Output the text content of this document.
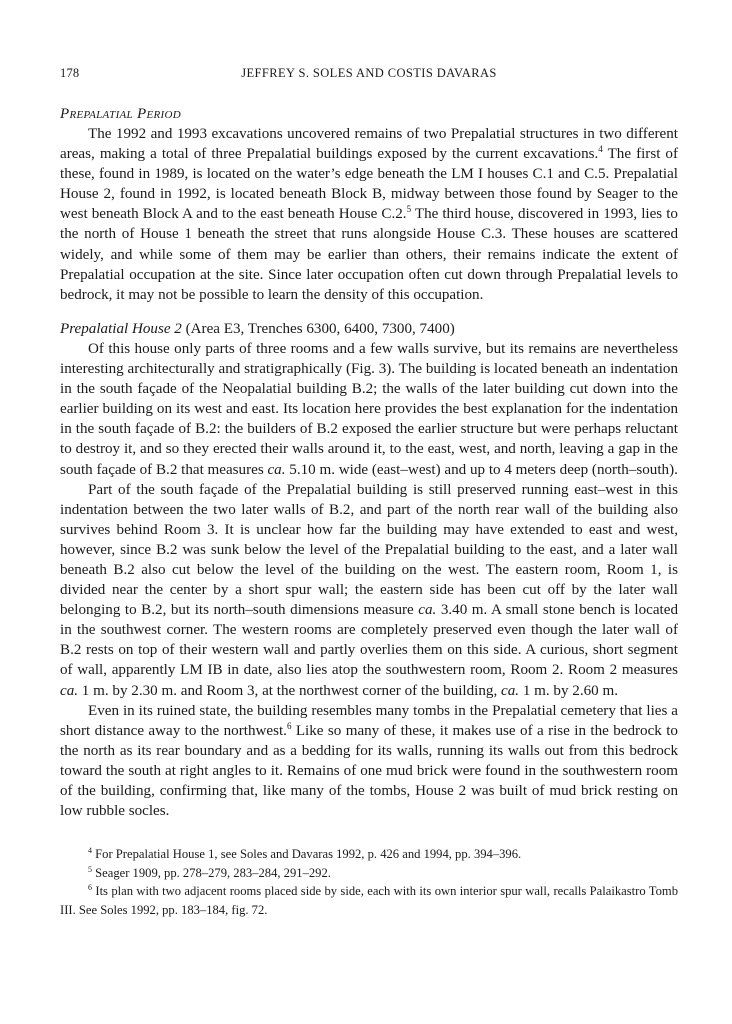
178	JEFFREY S. SOLES AND COSTIS DAVARAS
Prepalatial Period

The 1992 and 1993 excavations uncovered remains of two Prepalatial structures in two different areas, making a total of three Prepalatial buildings exposed by the current excavations.$^4$ The first of these, found in 1989, is located on the water’s edge beneath the LM I houses C.1 and C.5. Prepalatial House 2, found in 1992, is located beneath Block B, midway between those found by Seager to the west beneath Block A and to the east beneath House C.2.$^5$ The third house, discovered in 1993, lies to the north of House 1 beneath the street that runs alongside House C.3. These houses are scattered widely, and while some of them may be earlier than others, their remains indicate the extent of Prepalatial occupation at the site. Since later occupation often cut down through Prepalatial levels to bedrock, it may not be possible to learn the density of this occupation.

Prepalatial House 2 (Area E3, Trenches 6300, 6400, 7300, 7400)

Of this house only parts of three rooms and a few walls survive, but its remains are nevertheless interesting architecturally and stratigraphically (Fig. 3). The building is located beneath an indentation in the south façade of the Neopalatial building B.2; the walls of the later building cut down into the earlier building on its west and east. Its location here provides the best explanation for the indentation in the south façade of B.2: the builders of B.2 exposed the earlier structure but were perhaps reluctant to destroy it, and so they erected their walls around it, to the east, west, and north, leaving a gap in the south façade of B.2 that measures ca. 5.10 m. wide (east–west) and up to 4 meters deep (north–south).

Part of the south façade of the Prepalatial building is still preserved running east–west in this indentation between the two later walls of B.2, and part of the north rear wall of the building also survives behind Room 3. It is unclear how far the building may have extended to east and west, however, since B.2 was sunk below the level of the Prepalatial building to the east, and a later wall beneath B.2 also cut below the level of the building on the west. The eastern room, Room 1, is divided near the center by a short spur wall; the eastern side has been cut off by the later wall belonging to B.2, but its north–south dimensions measure ca. 3.40 m. A small stone bench is located in the southwest corner. The western rooms are completely preserved even though the later wall of B.2 rests on top of their western wall and partly overlies them on this side. A curious, short segment of wall, apparently LM IB in date, also lies atop the southwestern room, Room 2. Room 2 measures ca. 1 m. by 2.30 m. and Room 3, at the northwest corner of the building, ca. 1 m. by 2.60 m.

Even in its ruined state, the building resembles many tombs in the Prepalatial cemetery that lies a short distance away to the northwest.$^6$ Like so many of these, it makes use of a rise in the bedrock to the north as its rear boundary and as a bedding for its walls, running its walls out from this bedrock toward the south at right angles to it. Remains of one mud brick were found in the southwestern room of the building, confirming that, like many of the tombs, House 2 was built of mud brick resting on low rubble socles.

$^4$ For Prepalatial House 1, see Soles and Davaras 1992, p. 426 and 1994, pp. 394–396.

$^5$ Seager 1909, pp. 278–279, 283–284, 291–292.

$^6$ Its plan with two adjacent rooms placed side by side, each with its own interior spur wall, recalls Palaikastro Tomb III. See Soles 1992, pp. 183–184, fig. 72.
